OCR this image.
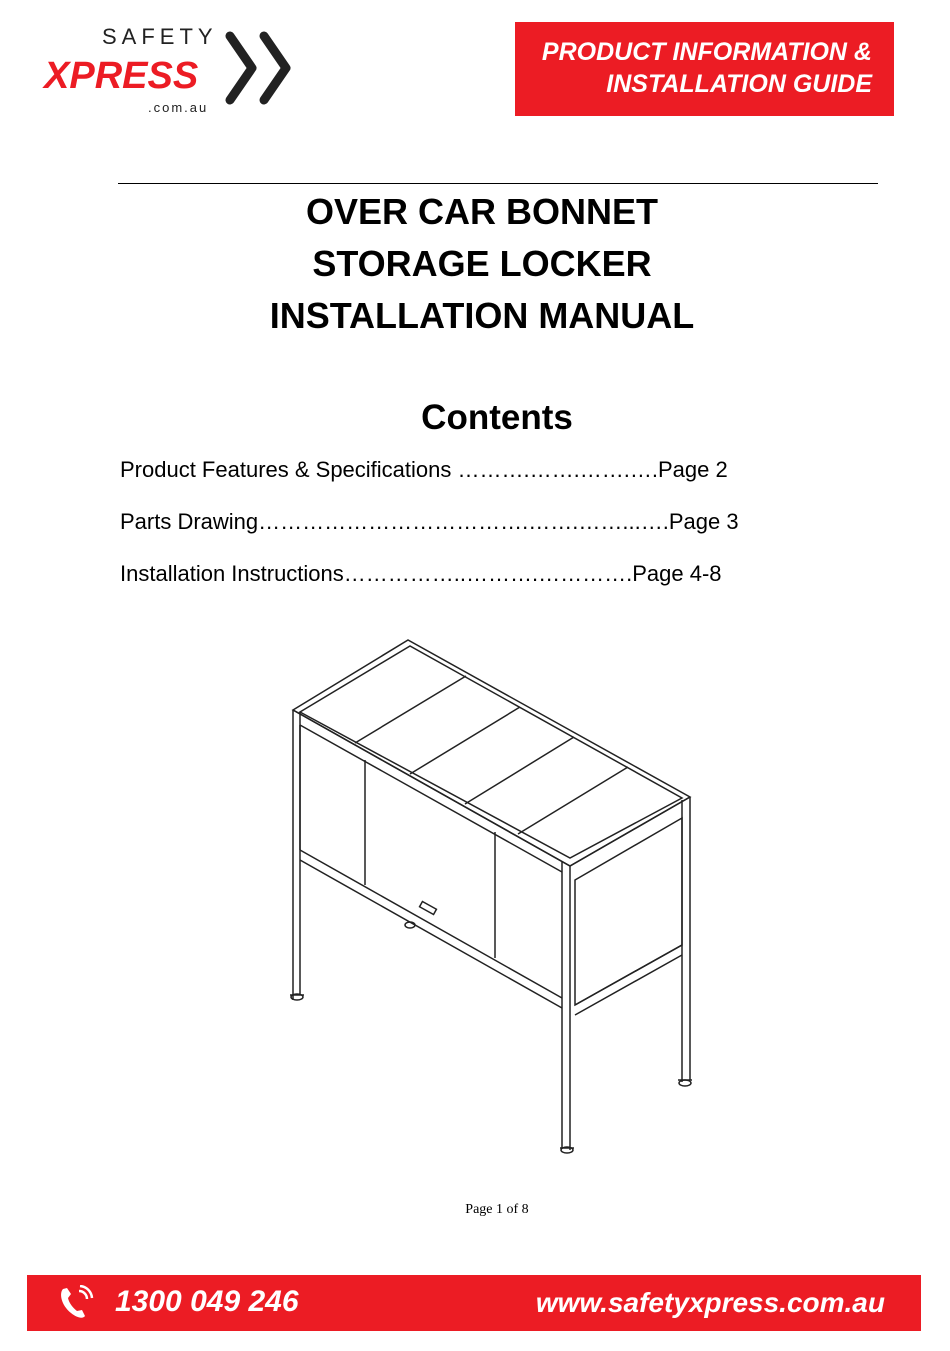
SAFETY
XPRESS
.com.au
PRODUCT INFORMATION &
INSTALLATION GUIDE
OVER CAR BONNET
STORAGE LOCKER
INSTALLATION MANUAL
Contents
Product Features & Specifications ……….…….…….….Page 2
Parts Drawing……………………………….…….……...….Page 3
Installation Instructions……………..……….………….Page 4-8
Page 1 of 8
1300 049 246	www.safetyxpress.com.au
